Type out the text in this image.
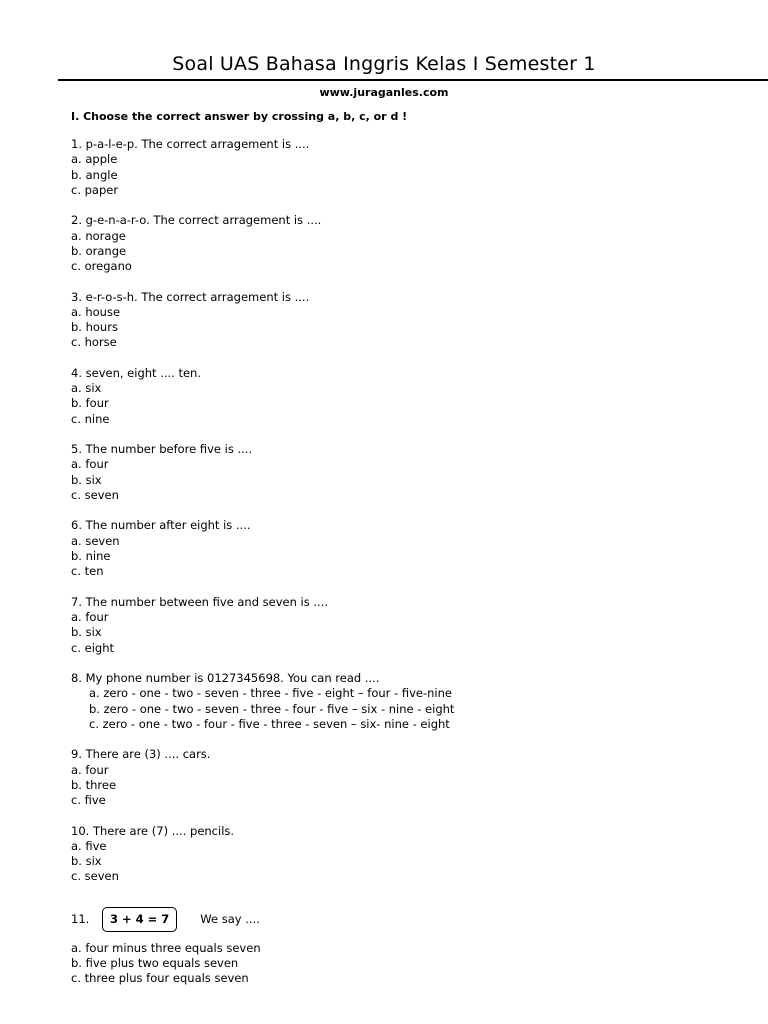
Soal UAS Bahasa Inggris Kelas I Semester 1
www.juraganles.com
I. Choose the correct answer by crossing a, b, c, or d !
1. p-a-l-e-p. The correct arragement is ....
a. apple
b. angle
c. paper
2. g-e-n-a-r-o. The correct arragement is ....
a. norage
b. orange
c. oregano
3. e-r-o-s-h. The correct arragement is ....
a. house
b. hours
c. horse
4. seven, eight .... ten.
a. six
b. four
c. nine
5. The number before five is ....
a. four
b. six
c. seven
6. The number after eight is ....
a. seven
b. nine
c. ten
7. The number between five and seven is ....
a. four
b. six
c. eight
8. My phone number is 0127345698. You can read ....
a. zero - one - two - seven - three - five - eight – four - five-nine
b. zero - one - two - seven - three - four - five – six - nine - eight
c. zero - one - two - four - five - three - seven – six- nine - eight
9. There are (3) .... cars.
a. four
b. three
c. five
10. There are (7) .... pencils.
a. five
b. six
c. seven
11.	3 + 4 = 7	We say ....
a. four minus three equals seven
b. five plus two equals seven
c. three plus four equals seven
